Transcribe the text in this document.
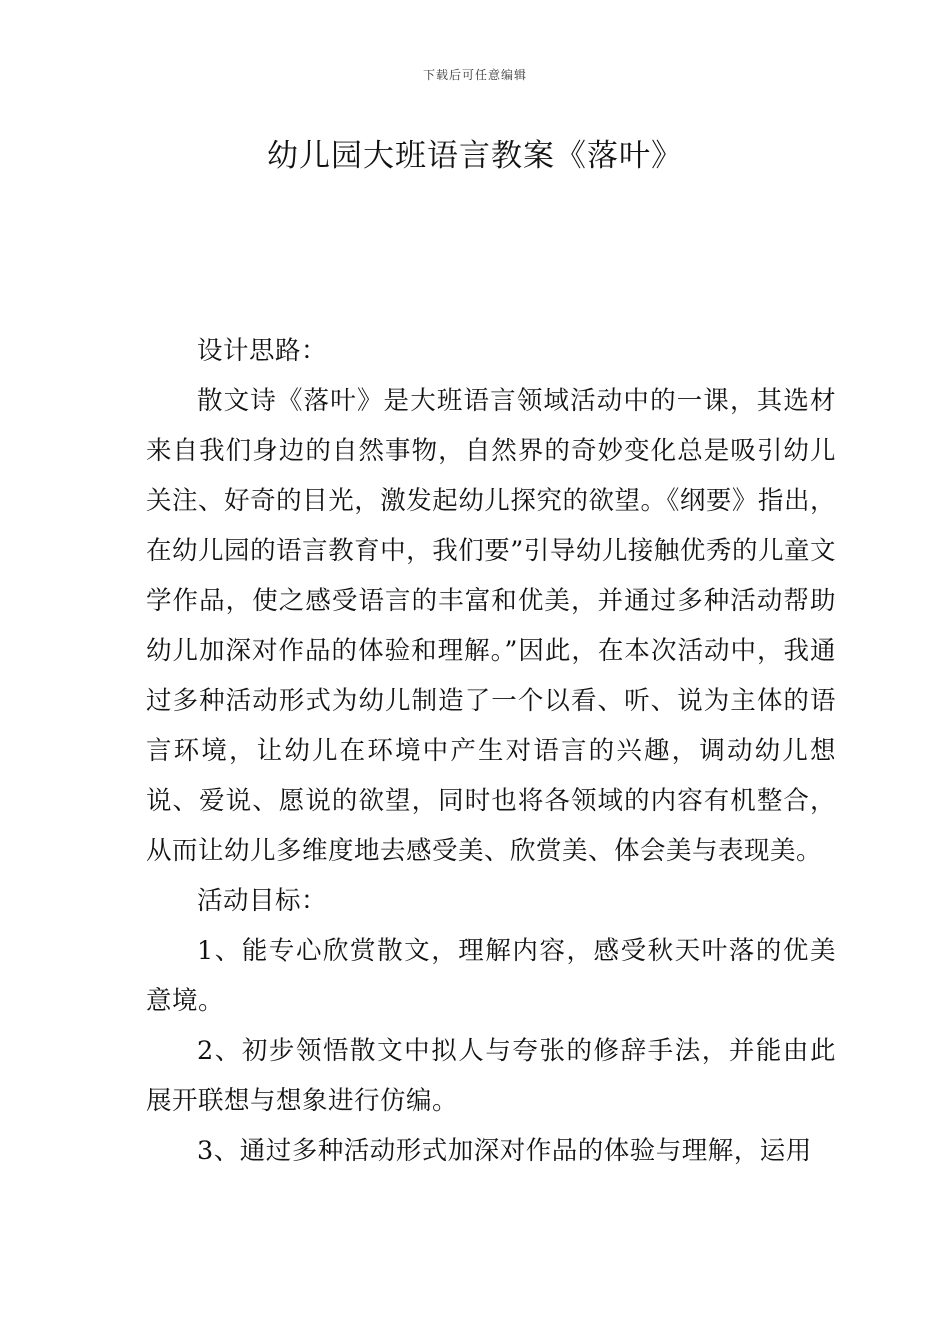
下载后可任意编辑
幼儿园大班语言教案《落叶》

设计思路：

散文诗《落叶》是大班语言领域活动中的一课，其选材来自我们身边的自然事物，自然界的奇妙变化总是吸引幼儿关注、好奇的目光，激发起幼儿探究的欲望。《纲要》指出，在幼儿园的语言教育中，我们要”引导幼儿接触优秀的儿童文学作品，使之感受语言的丰富和优美，并通过多种活动帮助幼儿加深对作品的体验和理解。”因此，在本次活动中，我通过多种活动形式为幼儿制造了一个以看、听、说为主体的语言环境，让幼儿在环境中产生对语言的兴趣，调动幼儿想说、爱说、愿说的欲望，同时也将各领域的内容有机整合，从而让幼儿多维度地去感受美、欣赏美、体会美与表现美。

活动目标：

1、能专心欣赏散文，理解内容，感受秋天叶落的优美意境。

2、初步领悟散文中拟人与夸张的修辞手法，并能由此展开联想与想象进行仿编。

3、通过多种活动形式加深对作品的体验与理解，运用
